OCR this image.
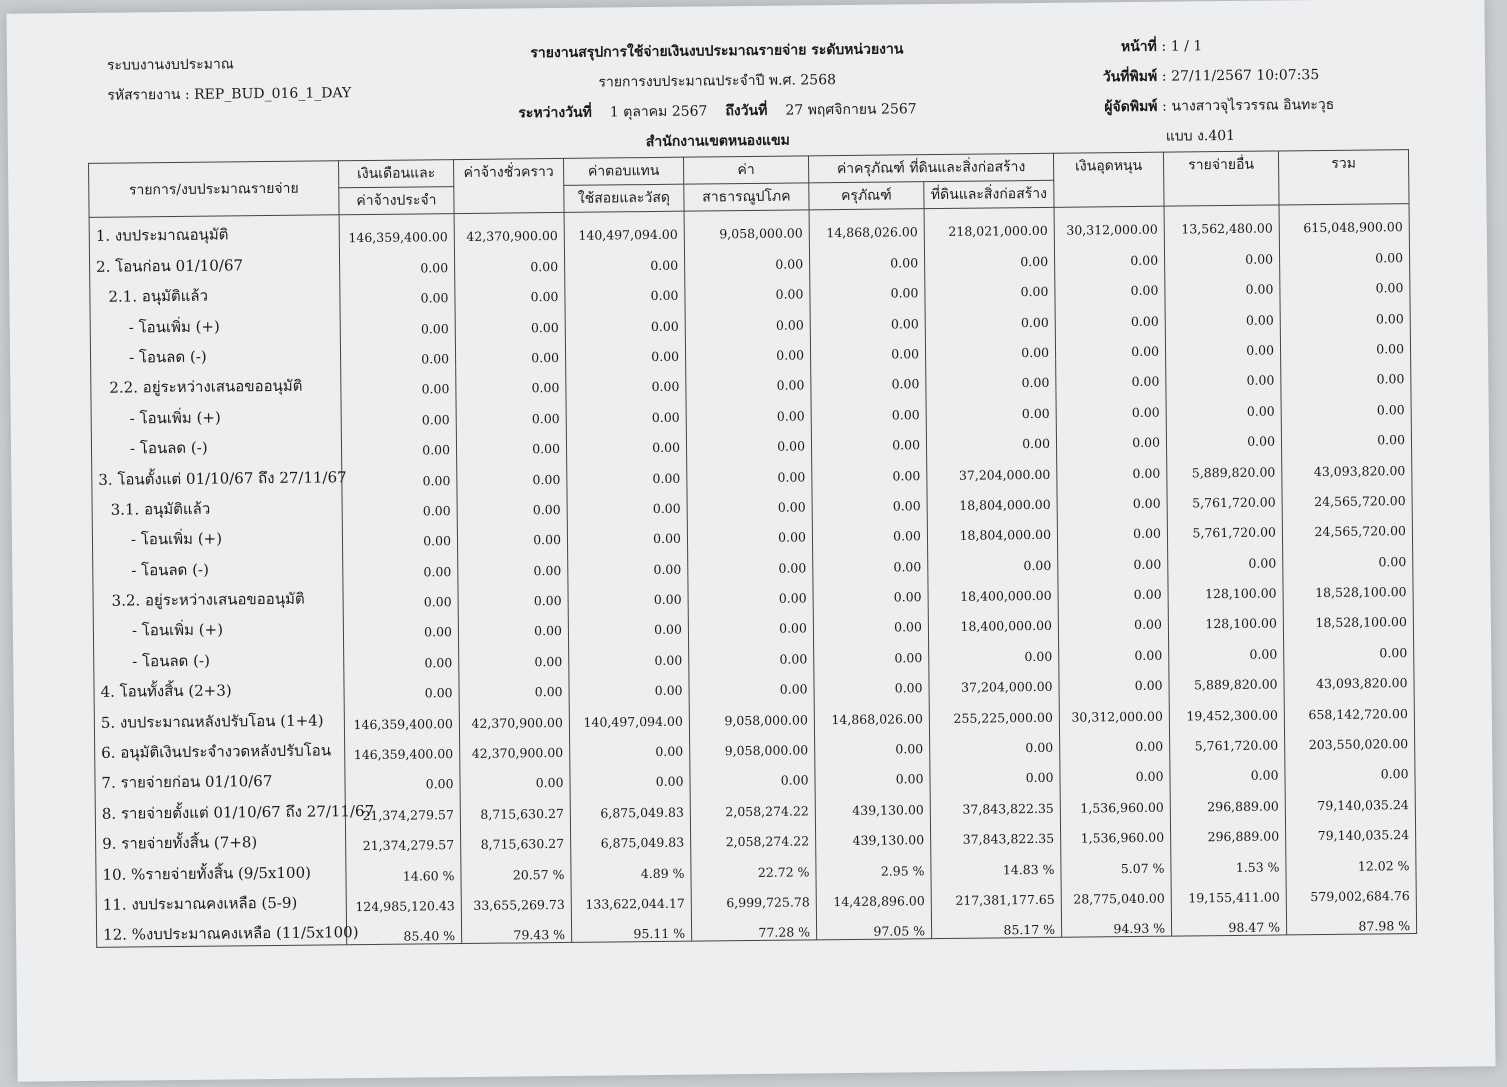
ระบบงานงบประมาณ
รหัสรายงาน : REP_BUD_016_1_DAY
รายงานสรุปการใช้จ่ายเงินงบประมาณรายจ่าย ระดับหน่วยงาน
รายการงบประมาณประจำปี พ.ศ. 2568
ระหว่างวันที่ 1 ตุลาคม 2567 ถึงวันที่ 27 พฤศจิกายน 2567
สำนักงานเขตหนองแขม
หน้าที่ : 1 / 1
วันที่พิมพ์ : 27/11/2567 10:07:35
ผู้จัดพิมพ์ : นางสาวจุไรวรรณ อินทะวุธ
แบบ ง.401
รายการ/งบประมาณรายจ่าย	เงินเดือนและ	ค่าจ้างชั่วคราว	ค่าตอบแทน	ค่า	ค่าครุภัณฑ์ ที่ดินและสิ่งก่อสร้าง		เงินอุดหนุน	รายจ่ายอื่น	รวม
	ค่าจ้างประจำ		ใช้สอยและวัสดุ	สาธารณูปโภค	ครุภัณฑ์	ที่ดินและสิ่งก่อสร้าง			
1. งบประมาณอนุมัติ	146,359,400.00	42,370,900.00	140,497,094.00	9,058,000.00	14,868,026.00	218,021,000.00	30,312,000.00	13,562,480.00	615,048,900.00
2. โอนก่อน 01/10/67	0.00	0.00	0.00	0.00	0.00	0.00	0.00	0.00	0.00
2.1. อนุมัติแล้ว	0.00	0.00	0.00	0.00	0.00	0.00	0.00	0.00	0.00
- โอนเพิ่ม (+)	0.00	0.00	0.00	0.00	0.00	0.00	0.00	0.00	0.00
- โอนลด (-)	0.00	0.00	0.00	0.00	0.00	0.00	0.00	0.00	0.00
2.2. อยู่ระหว่างเสนอขออนุมัติ	0.00	0.00	0.00	0.00	0.00	0.00	0.00	0.00	0.00
- โอนเพิ่ม (+)	0.00	0.00	0.00	0.00	0.00	0.00	0.00	0.00	0.00
- โอนลด (-)	0.00	0.00	0.00	0.00	0.00	0.00	0.00	0.00	0.00
3. โอนตั้งแต่ 01/10/67 ถึง 27/11/67	0.00	0.00	0.00	0.00	0.00	37,204,000.00	0.00	5,889,820.00	43,093,820.00
3.1. อนุมัติแล้ว	0.00	0.00	0.00	0.00	0.00	18,804,000.00	0.00	5,761,720.00	24,565,720.00
- โอนเพิ่ม (+)	0.00	0.00	0.00	0.00	0.00	18,804,000.00	0.00	5,761,720.00	24,565,720.00
- โอนลด (-)	0.00	0.00	0.00	0.00	0.00	0.00	0.00	0.00	0.00
3.2. อยู่ระหว่างเสนอขออนุมัติ	0.00	0.00	0.00	0.00	0.00	18,400,000.00	0.00	128,100.00	18,528,100.00
- โอนเพิ่ม (+)	0.00	0.00	0.00	0.00	0.00	18,400,000.00	0.00	128,100.00	18,528,100.00
- โอนลด (-)	0.00	0.00	0.00	0.00	0.00	0.00	0.00	0.00	0.00
4. โอนทั้งสิ้น (2+3)	0.00	0.00	0.00	0.00	0.00	37,204,000.00	0.00	5,889,820.00	43,093,820.00
5. งบประมาณหลังปรับโอน (1+4)	146,359,400.00	42,370,900.00	140,497,094.00	9,058,000.00	14,868,026.00	255,225,000.00	30,312,000.00	19,452,300.00	658,142,720.00
6. อนุมัติเงินประจำงวดหลังปรับโอน	146,359,400.00	42,370,900.00	0.00	9,058,000.00	0.00	0.00	0.00	5,761,720.00	203,550,020.00
7. รายจ่ายก่อน 01/10/67	0.00	0.00	0.00	0.00	0.00	0.00	0.00	0.00	0.00
8. รายจ่ายตั้งแต่ 01/10/67 ถึง 27/11/67	21,374,279.57	8,715,630.27	6,875,049.83	2,058,274.22	439,130.00	37,843,822.35	1,536,960.00	296,889.00	79,140,035.24
9. รายจ่ายทั้งสิ้น (7+8)	21,374,279.57	8,715,630.27	6,875,049.83	2,058,274.22	439,130.00	37,843,822.35	1,536,960.00	296,889.00	79,140,035.24
10. %รายจ่ายทั้งสิ้น (9/5x100)	14.60 %	20.57 %	4.89 %	22.72 %	2.95 %	14.83 %	5.07 %	1.53 %	12.02 %
11. งบประมาณคงเหลือ (5-9)	124,985,120.43	33,655,269.73	133,622,044.17	6,999,725.78	14,428,896.00	217,381,177.65	28,775,040.00	19,155,411.00	579,002,684.76
12. %งบประมาณคงเหลือ (11/5x100)	85.40 %	79.43 %	95.11 %	77.28 %	97.05 %	85.17 %	94.93 %	98.47 %	87.98 %
